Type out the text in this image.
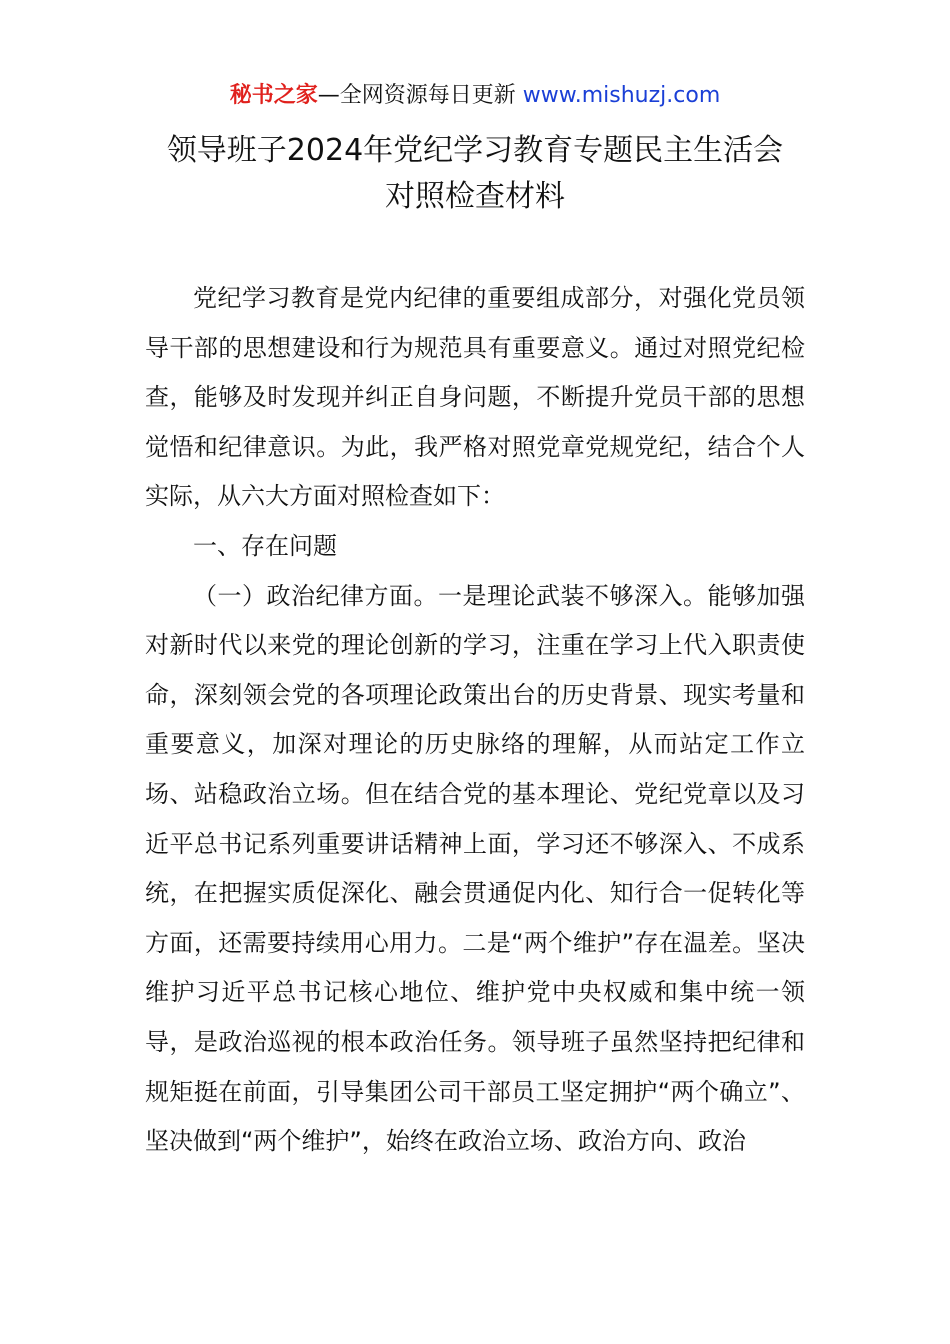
秘书之家—全网资源每日更新 www.mishuzj.com
领导班子2024年党纪学习教育专题民主生活会
对照检查材料

党纪学习教育是党内纪律的重要组成部分，对强化党员领导干部的思想建设和行为规范具有重要意义。通过对照党纪检查，能够及时发现并纠正自身问题，不断提升党员干部的思想觉悟和纪律意识。为此，我严格对照党章党规党纪，结合个人实际，从六大方面对照检查如下：

一、存在问题

（一）政治纪律方面。一是理论武装不够深入。能够加强对新时代以来党的理论创新的学习，注重在学习上代入职责使命，深刻领会党的各项理论政策出台的历史背景、现实考量和重要意义，加深对理论的历史脉络的理解，从而站定工作立场、站稳政治立场。但在结合党的基本理论、党纪党章以及习近平总书记系列重要讲话精神上面，学习还不够深入、不成系统，在把握实质促深化、融会贯通促内化、知行合一促转化等方面，还需要持续用心用力。二是“两个维护”存在温差。坚决维护习近平总书记核心地位、维护党中央权威和集中统一领导，是政治巡视的根本政治任务。领导班子虽然坚持把纪律和规矩挺在前面，引导集团公司干部员工坚定拥护“两个确立”、坚决做到“两个维护”，始终在政治立场、政治方向、政治
